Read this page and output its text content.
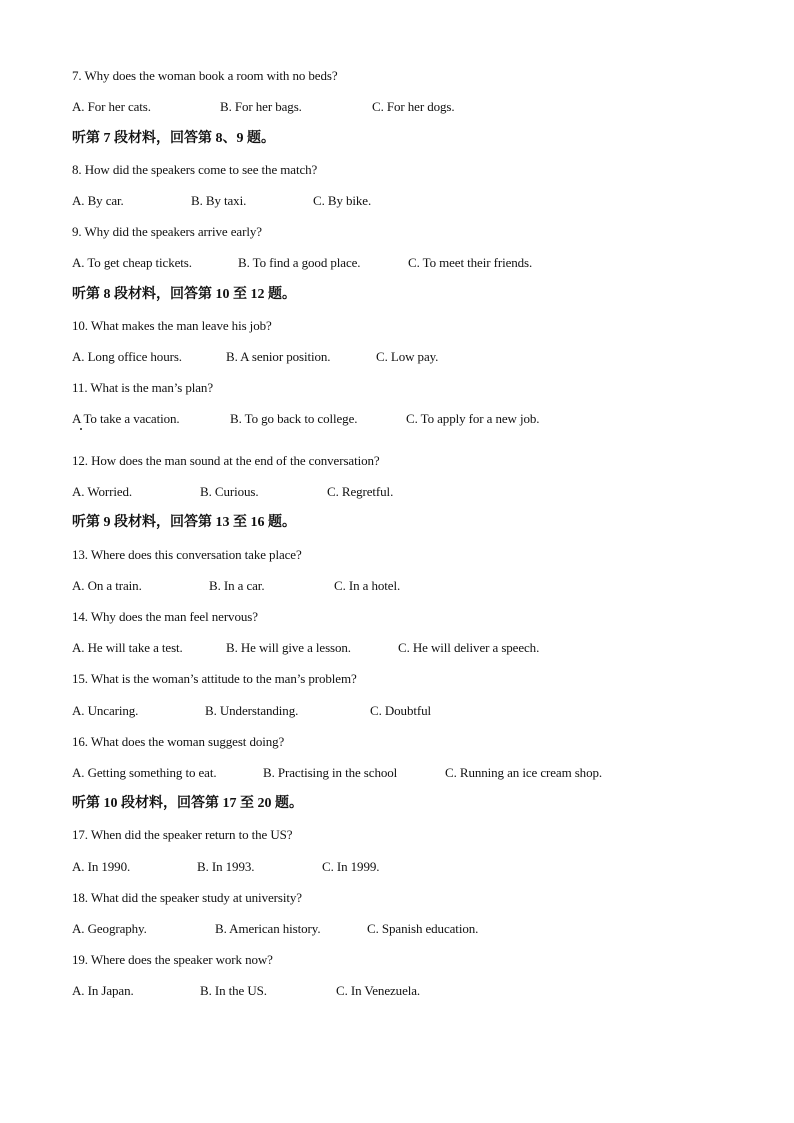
7. Why does the woman book a room with no beds?
A. For her cats.	B. For her bags.	C. For her dogs.
听第 7 段材料，回答第 8、9 题。
8. How did the speakers come to see the match?
A. By car.	B. By taxi.	C. By bike.
9. Why did the speakers arrive early?
A. To get cheap tickets.	B. To find a good place.	C. To meet their friends.
听第 8 段材料，回答第 10 至 12 题。
10. What makes the man leave his job?
A. Long office hours.	B. A senior position.	C. Low pay.
11. What is the man’s plan?
A To take a vacation.	B. To go back to college.	C. To apply for a new job.
12. How does the man sound at the end of the conversation?
A. Worried.	B. Curious.	C. Regretful.
听第 9 段材料，回答第 13 至 16 题。
13. Where does this conversation take place?
A. On a train.	B. In a car.	C. In a hotel.
14. Why does the man feel nervous?
A. He will take a test.	B. He will give a lesson.	C. He will deliver a speech.
15. What is the woman’s attitude to the man’s problem?
A. Uncaring.	B. Understanding.	C. Doubtful
16. What does the woman suggest doing?
A. Getting something to eat.	B. Practising in the school	C. Running an ice cream shop.
听第 10 段材料，回答第 17 至 20 题。
17. When did the speaker return to the US?
A. In 1990.	B. In 1993.	C. In 1999.
18. What did the speaker study at university?
A. Geography.	B. American history.	C. Spanish education.
19. Where does the speaker work now?
A. In Japan.	B. In the US.	C. In Venezuela.
